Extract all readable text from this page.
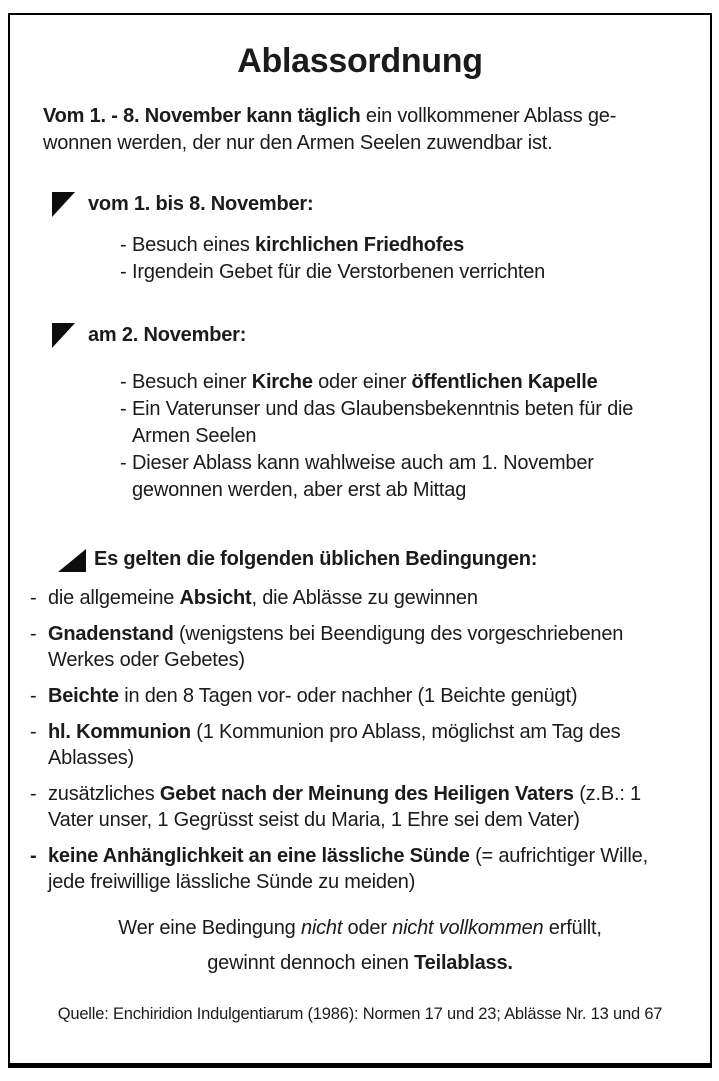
Ablassordnung

Vom 1. - 8. November kann täglich ein vollkommener Ablass ge-
wonnen werden, der nur den Armen Seelen zuwendbar ist.

vom 1. bis 8. November:
- Besuch eines kirchlichen Friedhofes
- Irgendein Gebet für die Verstorbenen verrichten
am 2. November:
- Besuch einer Kirche oder einer öffentlichen Kapelle
- Ein Vaterunser und das Glaubensbekenntnis beten für die Armen Seelen
- Dieser Ablass kann wahlweise auch am 1. November gewonnen werden, aber erst ab Mittag
Es gelten die folgenden üblichen Bedingungen:
- die allgemeine Absicht, die Ablässe zu gewinnen
- Gnadenstand (wenigstens bei Beendigung des vorgeschriebenen Werkes oder Gebetes)
- Beichte in den 8 Tagen vor- oder nachher (1 Beichte genügt)
- hl. Kommunion (1 Kommunion pro Ablass, möglichst am Tag des Ablasses)
- zusätzliches Gebet nach der Meinung des Heiligen Vaters (z.B.: 1 Vater unser, 1 Gegrüsst seist du Maria, 1 Ehre sei dem Vater)
- keine Anhänglichkeit an eine lässliche Sünde (= aufrichtiger Wille, jede freiwillige lässliche Sünde zu meiden)

Wer eine Bedingung nicht oder nicht vollkommen erfüllt,
gewinnt dennoch einen Teilablass.

Quelle: Enchiridion Indulgentiarum (1986): Normen 17 und 23; Ablässe Nr. 13 und 67
